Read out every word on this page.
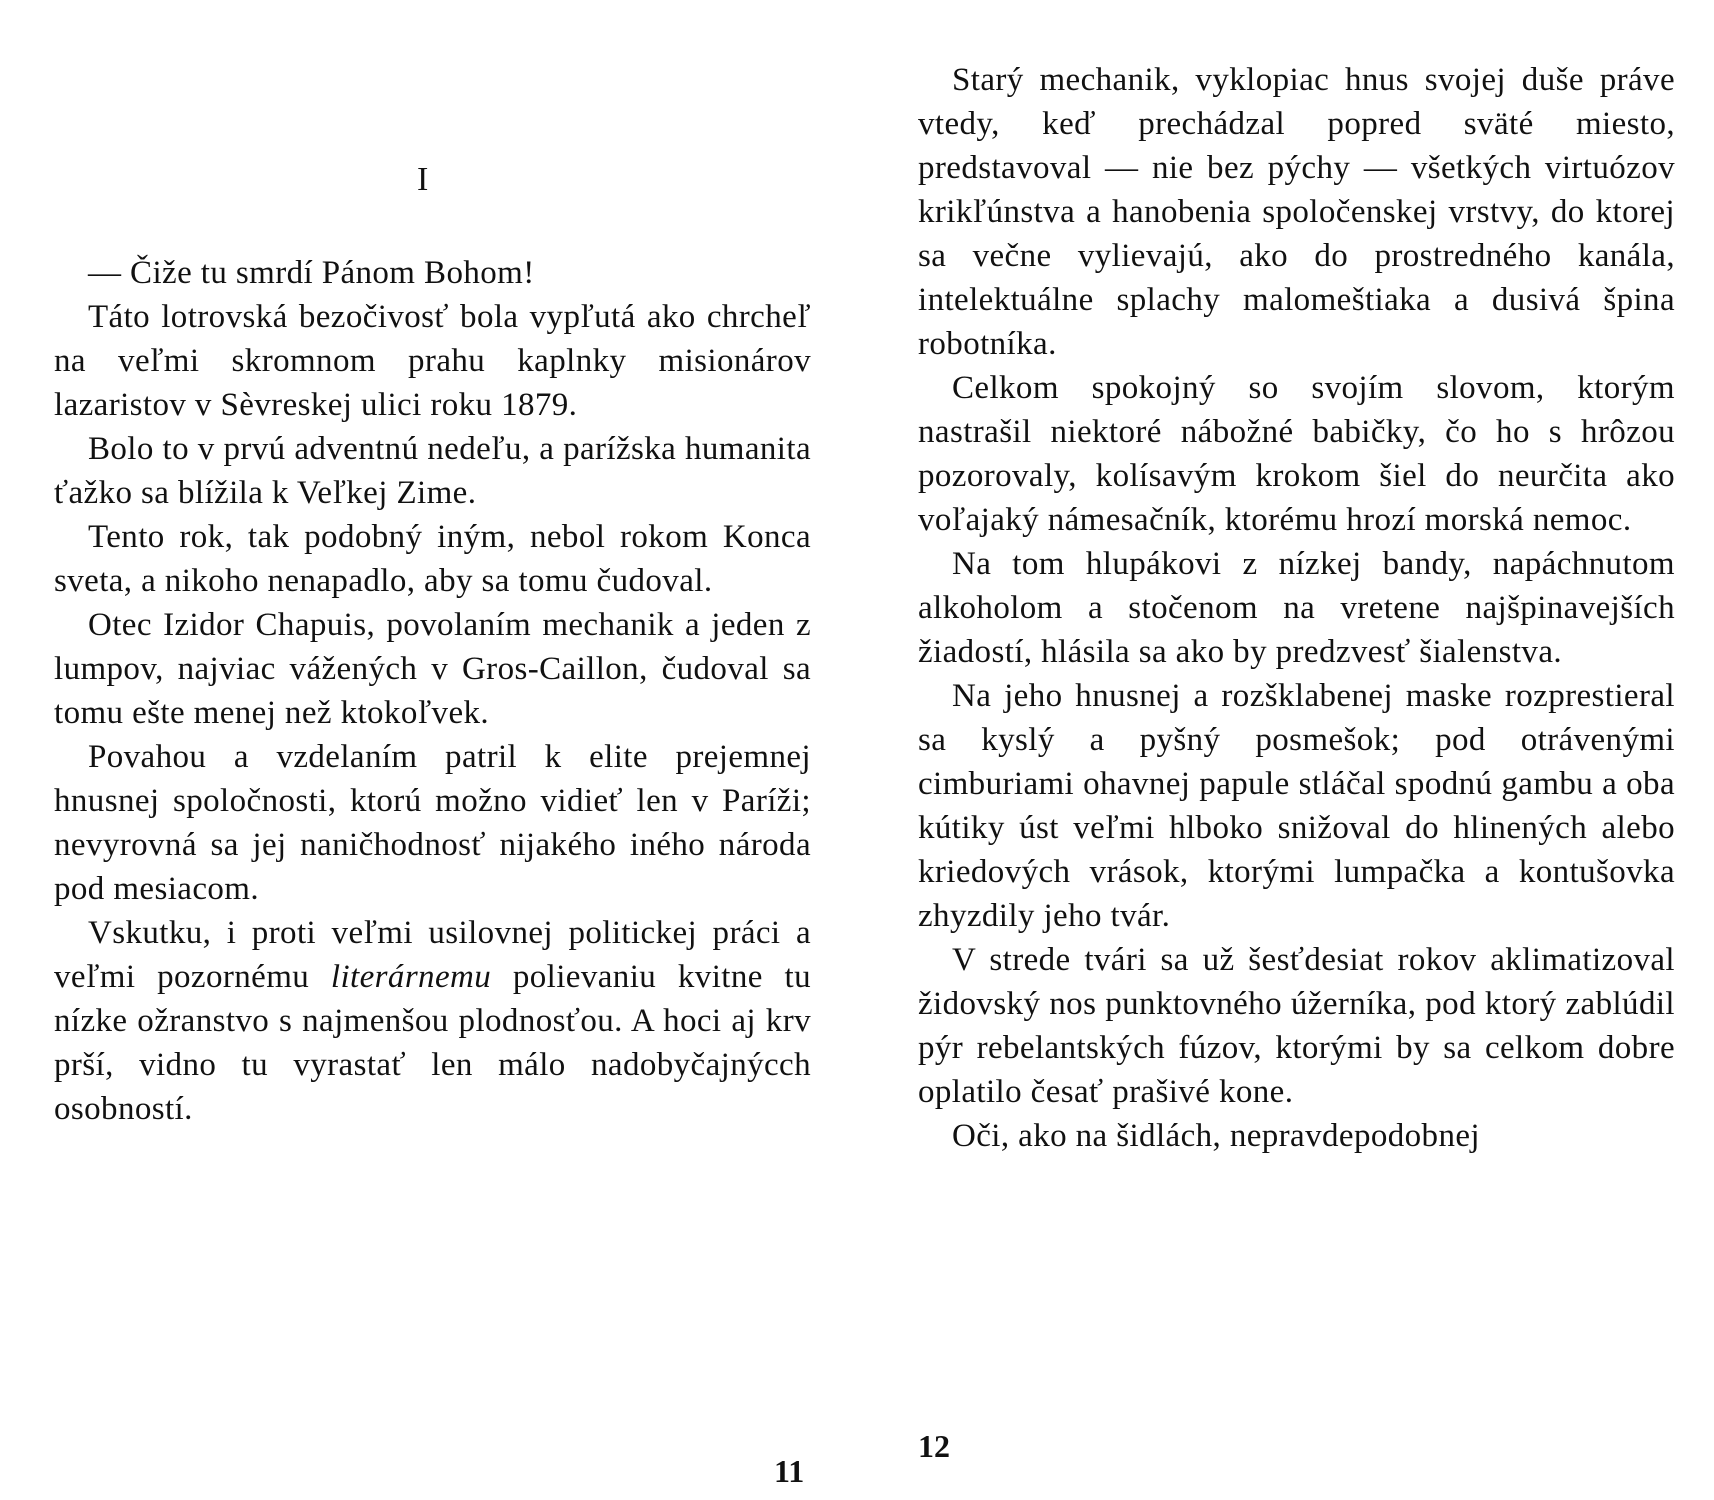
I

— Čiže tu smrdí Pánom Bohom!

Táto lotrovská bezočivosť bola vypľutá ako chrcheľ na veľmi skromnom prahu kaplnky misionárov lazaristov v Sèvreskej ulici roku 1879.

Bolo to v prvú adventnú nedeľu, a parížska humanita ťažko sa blížila k Veľkej Zime.

Tento rok, tak podobný iným, nebol rokom Konca sveta, a nikoho nenapadlo, aby sa tomu čudoval.

Otec Izidor Chapuis, povolaním mechanik a jeden z lumpov, najviac vážených v Gros-Caillon, čudoval sa tomu ešte menej než ktokoľvek.

Povahou a vzdelaním patril k elite prejemnej hnusnej spoločnosti, ktorú možno vidieť len v Paríži; nevyrovná sa jej naničhodnosť nijakého iného národa pod mesiacom.

Vskutku, i proti veľmi usilovnej politickej práci a veľmi pozornému literárnemu polievaniu kvitne tu nízke ožranstvo s najmenšou plodnosťou. A hoci aj krv prší, vidno tu vyrastať len málo nadobyčajnýcch osobností.

11

Starý mechanik, vyklopiac hnus svojej duše práve vtedy, keď prechádzal popred sväté miesto, predstavoval — nie bez pýchy — všetkých virtuózov krikľúnstva a hanobenia spoločenskej vrstvy, do ktorej sa večne vylievajú, ako do prostredného kanála, intelektuálne splachy malomeštiaka a dusivá špina robotníka.

Celkom spokojný so svojím slovom, ktorým nastrašil niektoré nábožné babičky, čo ho s hrôzou pozorovaly, kolísavým krokom šiel do neurčita ako voľajaký námesačník, ktorému hrozí morská nemoc.

Na tom hlupákovi z nízkej bandy, napáchnutom alkoholom a stočenom na vretene najšpinavejších žiadostí, hlásila sa ako by predzvesť šialenstva.

Na jeho hnusnej a rozšklabenej maske rozprestieral sa kyslý a pyšný posmešok; pod otrávenými cimburiami ohavnej papule stláčal spodnú gambu a oba kútiky úst veľmi hlboko snižoval do hlinených alebo kriedových vrások, ktorými lumpačka a kontušovka zhyzdily jeho tvár.

V strede tvári sa už šesťdesiat rokov aklimatizoval židovský nos punktovného úžerníka, pod ktorý zablúdil pýr rebelantských fúzov, ktorými by sa celkom dobre oplatilo česať prašivé kone.

Oči, ako na šidlách, nepravdepodobnej

12
